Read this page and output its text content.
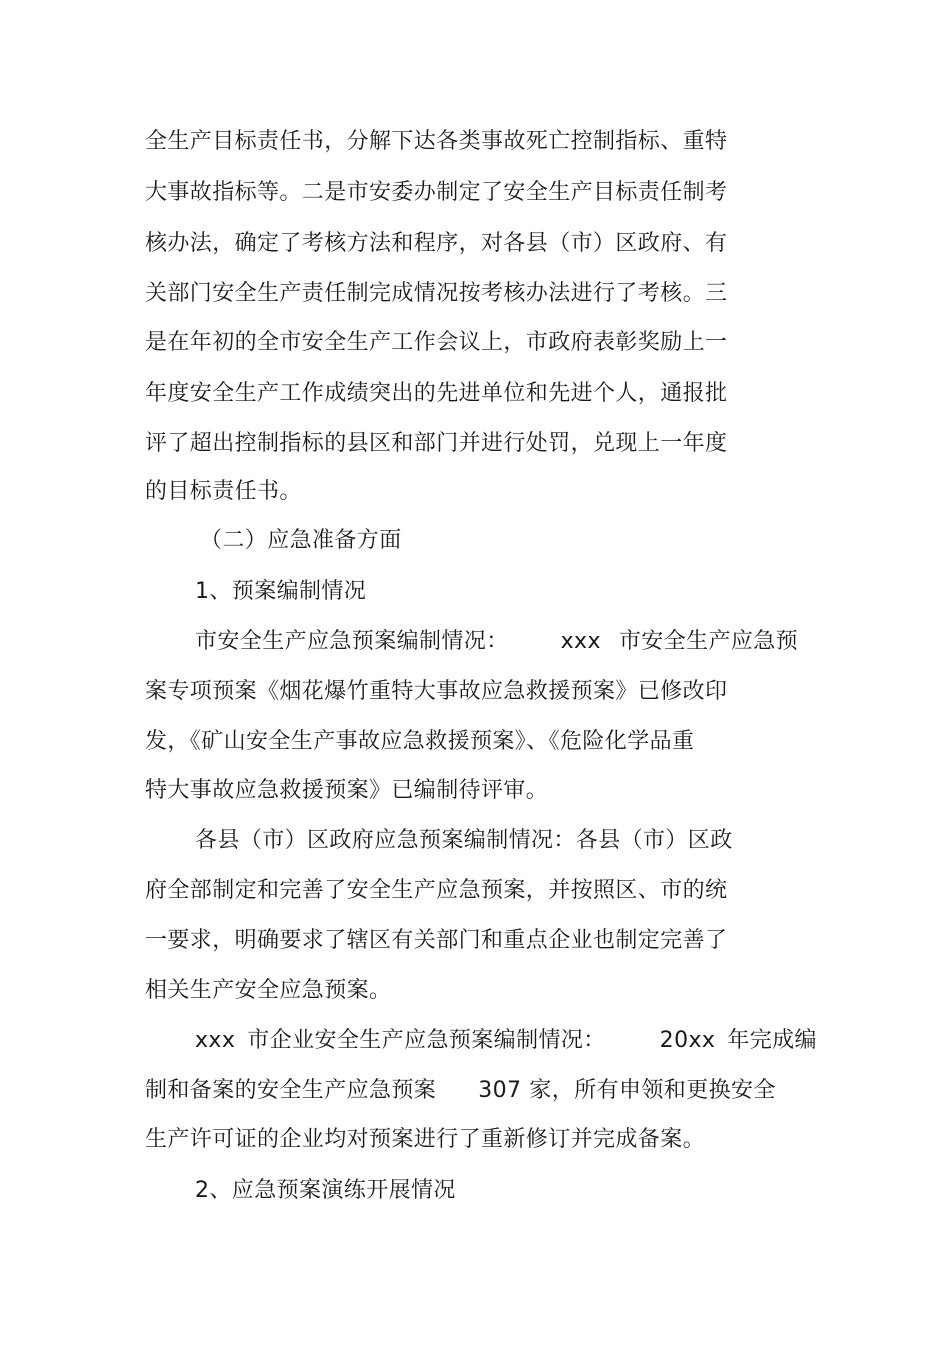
全生产目标责任书，分解下达各类事故死亡控制指标、重特
大事故指标等。二是市安委办制定了安全生产目标责任制考
核办法，确定了考核方法和程序，对各县（市）区政府、有
关部门安全生产责任制完成情况按考核办法进行了考核。三
是在年初的全市安全生产工作会议上，市政府表彰奖励上一
年度安全生产工作成绩突出的先进单位和先进个人，通报批
评了超出控制指标的县区和部门并进行处罚，兑现上一年度
的目标责任书。
（二）应急准备方面
1、预案编制情况
市安全生产应急预案编制情况： xxx 市安全生产应急预
案专项预案《烟花爆竹重特大事故应急救援预案》已修改印
发，《矿山安全生产事故应急救援预案》、《危险化学品重
特大事故应急救援预案》已编制待评审。
各县（市）区政府应急预案编制情况：各县（市）区政
府全部制定和完善了安全生产应急预案，并按照区、市的统
一要求，明确要求了辖区有关部门和重点企业也制定完善了
相关生产安全应急预案。
xxx 市企业安全生产应急预案编制情况： 20xx 年完成编
制和备案的安全生产应急预案 307 家，所有申领和更换安全
生产许可证的企业均对预案进行了重新修订并完成备案。
2、应急预案演练开展情况
